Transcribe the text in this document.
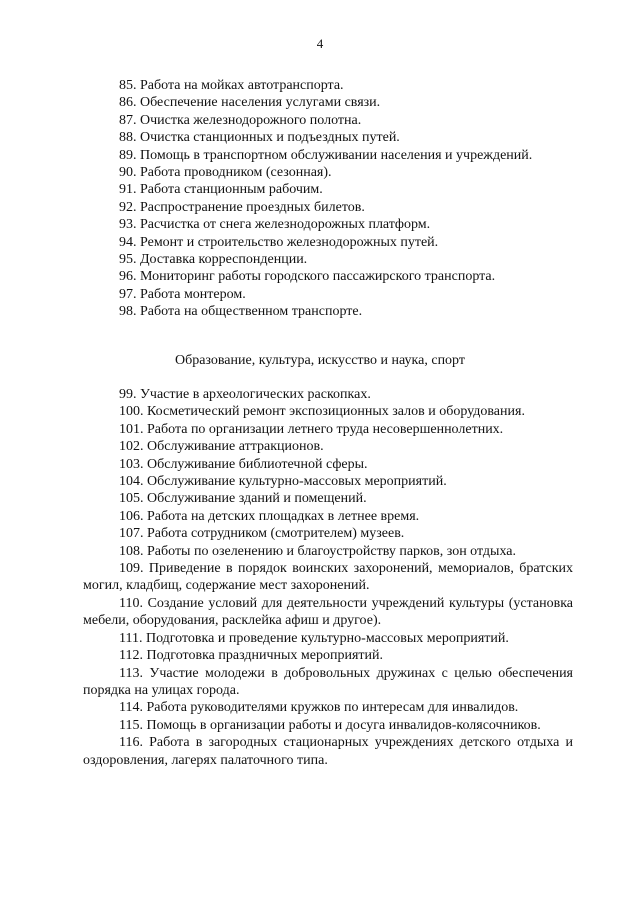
4
85. Работа на мойках автотранспорта.
86. Обеспечение населения услугами связи.
87. Очистка железнодорожного полотна.
88. Очистка станционных и подъездных путей.
89. Помощь в транспортном обслуживании населения и учреждений.
90. Работа проводником (сезонная).
91. Работа станционным рабочим.
92. Распространение проездных билетов.
93. Расчистка от снега железнодорожных платформ.
94. Ремонт и строительство железнодорожных путей.
95. Доставка корреспонденции.
96. Мониторинг работы городского пассажирского транспорта.
97. Работа монтером.
98. Работа на общественном транспорте.
Образование, культура, искусство и наука, спорт
99. Участие в археологических раскопках.
100. Косметический ремонт экспозиционных залов и оборудования.
101. Работа по организации летнего труда несовершеннолетних.
102. Обслуживание аттракционов.
103. Обслуживание библиотечной сферы.
104. Обслуживание культурно-массовых мероприятий.
105. Обслуживание зданий и помещений.
106. Работа на детских площадках в летнее время.
107. Работа сотрудником (смотрителем) музеев.
108. Работы по озеленению и благоустройству парков, зон отдыха.
109. Приведение в порядок воинских захоронений, мемориалов, братских могил, кладбищ, содержание мест захоронений.
110. Создание условий для деятельности учреждений культуры (установка мебели, оборудования, расклейка афиш и другое).
111. Подготовка и проведение культурно-массовых мероприятий.
112. Подготовка праздничных мероприятий.
113. Участие молодежи в добровольных дружинах с целью обеспечения порядка на улицах города.
114. Работа руководителями кружков по интересам для инвалидов.
115. Помощь в организации работы и досуга инвалидов-колясочников.
116. Работа в загородных стационарных учреждениях детского отдыха и оздоровления, лагерях палаточного типа.
